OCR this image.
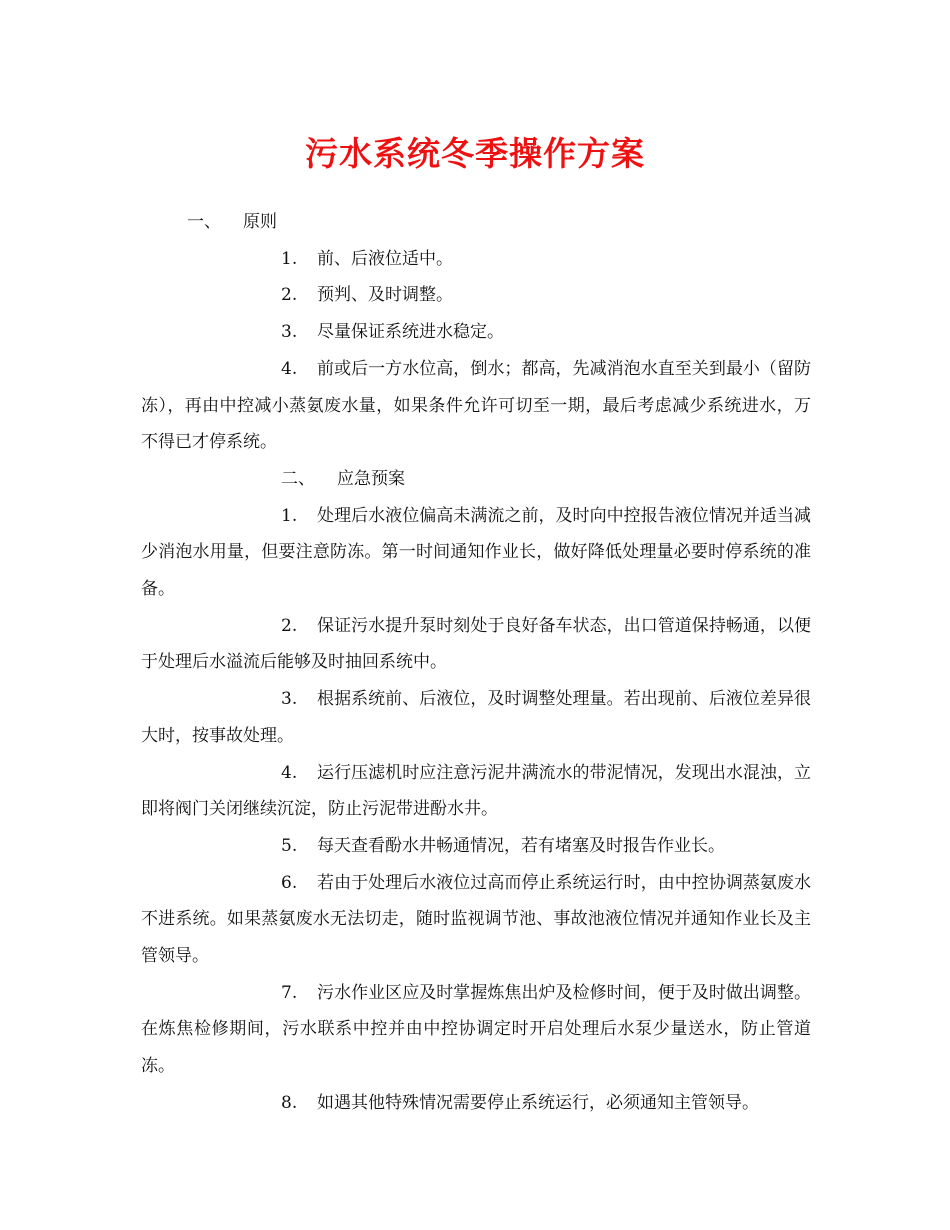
污水系统冬季操作方案

一、 原则

1. 前、后液位适中。

2. 预判、及时调整。

3. 尽量保证系统进水稳定。

4. 前或后一方水位高，倒水；都高，先减消泡水直至关到最小（留防冻），再由中控减小蒸氨废水量，如果条件允许可切至一期，最后考虑减少系统进水，万不得已才停系统。

二、 应急预案

1. 处理后水液位偏高未满流之前，及时向中控报告液位情况并适当减少消泡水用量，但要注意防冻。第一时间通知作业长，做好降低处理量必要时停系统的准备。

2. 保证污水提升泵时刻处于良好备车状态，出口管道保持畅通，以便于处理后水溢流后能够及时抽回系统中。

3. 根据系统前、后液位，及时调整处理量。若出现前、后液位差异很大时，按事故处理。

4. 运行压滤机时应注意污泥井满流水的带泥情况，发现出水混浊，立即将阀门关闭继续沉淀，防止污泥带进酚水井。

5. 每天查看酚水井畅通情况，若有堵塞及时报告作业长。

6. 若由于处理后水液位过高而停止系统运行时，由中控协调蒸氨废水不进系统。如果蒸氨废水无法切走，随时监视调节池、事故池液位情况并通知作业长及主管领导。

7. 污水作业区应及时掌握炼焦出炉及检修时间，便于及时做出调整。在炼焦检修期间，污水联系中控并由中控协调定时开启处理后水泵少量送水，防止管道冻。

8. 如遇其他特殊情况需要停止系统运行，必须通知主管领导。
